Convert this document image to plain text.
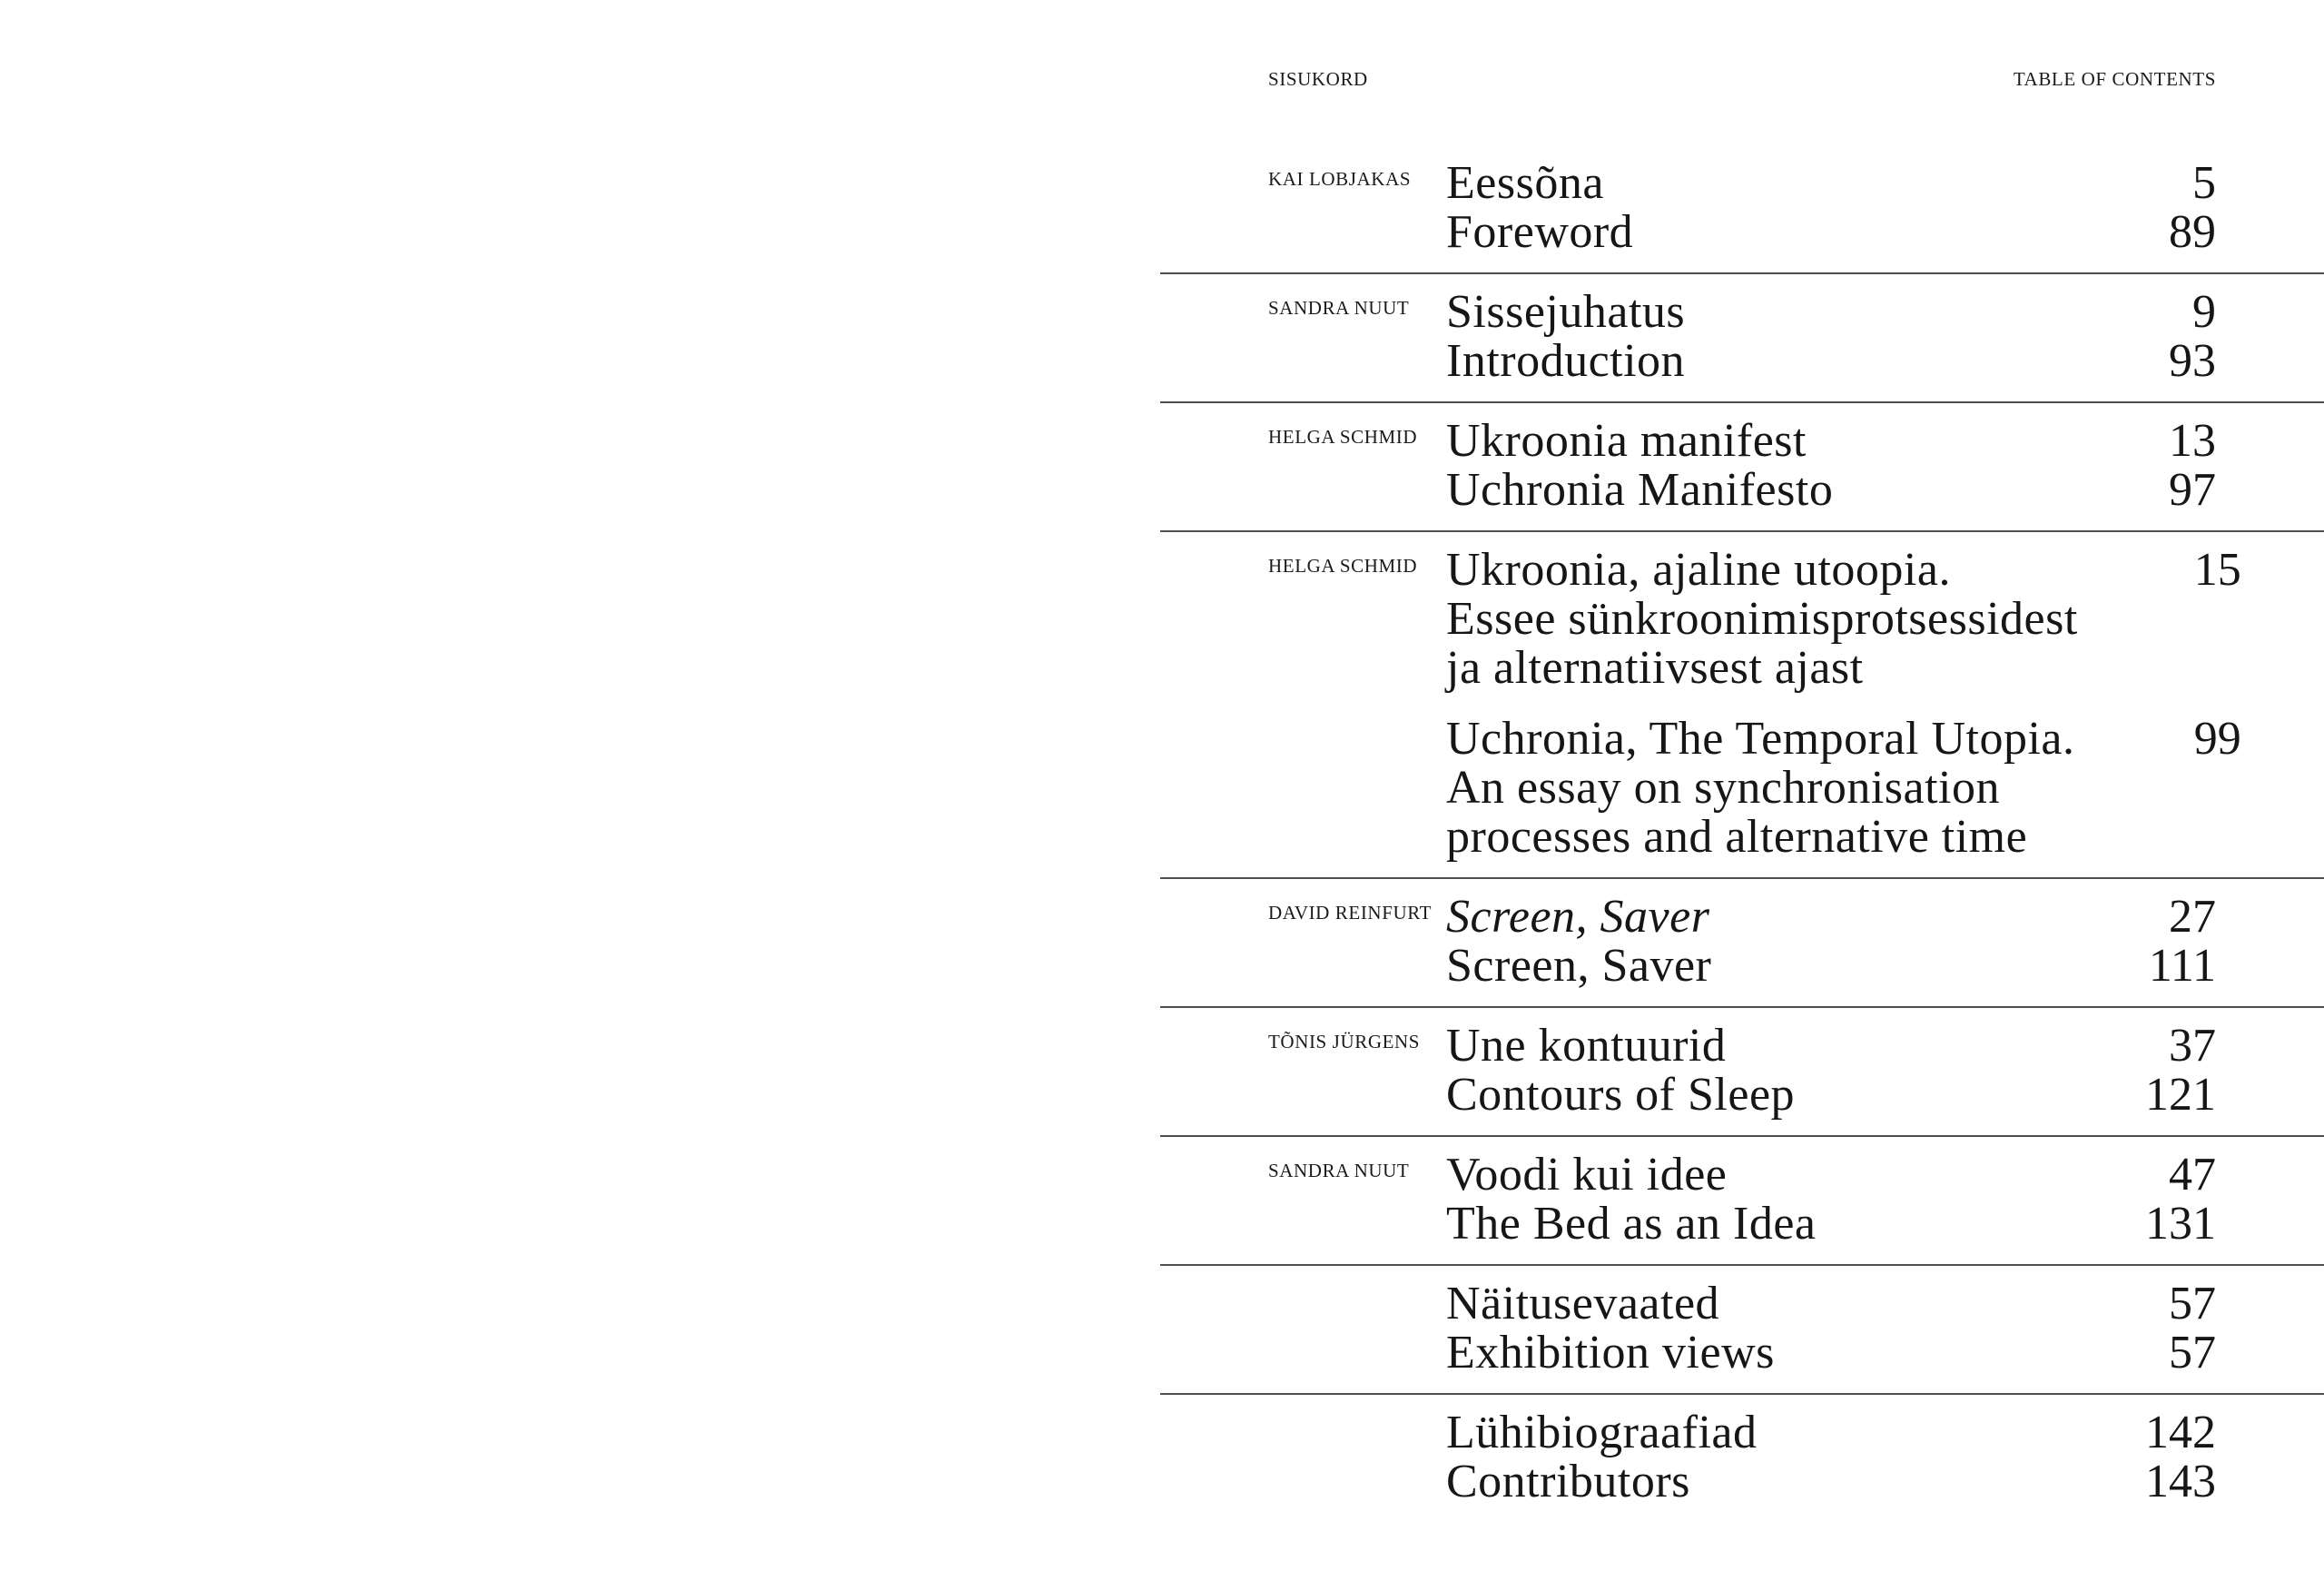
SISUKORD	TABLE OF CONTENTS
KAI LOBJAKAS Eessõna	5
Foreword	89
SANDRA NUUT Sissejuhatus	9
Introduction	93
HELGA SCHMID Ukroonia manifest	13
Uchronia Manifesto	97
HELGA SCHMID Ukroonia, ajaline utoopia.
Essee sünkroonimisprotsessidest
ja alternatiivsest ajast
15
Uchronia, The Temporal Utopia.
An essay on synchronisation
processes and alternative time
99
DAVID REINFURT Screen, Saver	27
Screen, Saver	111
TÕNIS JÜRGENS Une kontuurid	37
Contours of Sleep	121
SANDRA NUUT Voodi kui idee	47
The Bed as an Idea	131
Näitusevaated	57
Exhibition views	57
Lühibiograafiad	142
Contributors	143
